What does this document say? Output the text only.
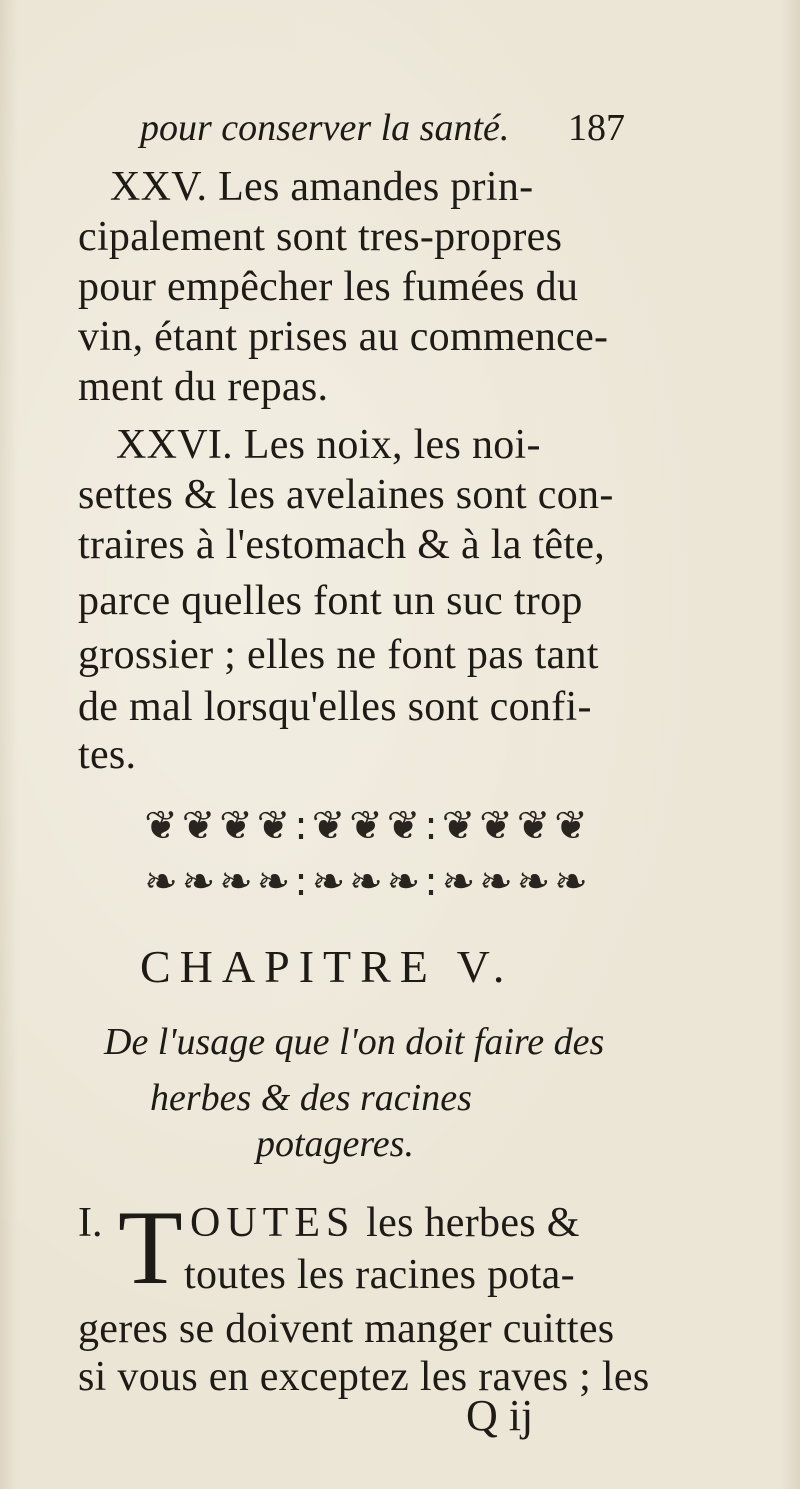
pour conserver la santé.	187
XXV. Les amandes prin-
cipalement sont tres-propres
pour empêcher les fumées du
vin, étant prises au commence-
ment du repas.
XXVI. Les noix, les noi-
settes & les avelaines sont con-
traires à l'estomach & à la tête,
parce quelles font un suc trop
grossier ; elles ne font pas tant
de mal lorsqu'elles sont confi-
tes.
❦❦❦❦:❦❦❦:❦❦❦❦
❧❧❧❧:❧❧❧:❧❧❧❧
CHAPITRE V.
De l'usage que l'on doit faire des
herbes & des racines
potageres.
I. T OUTES les herbes &
toutes les racines pota-
geres se doivent manger cuittes
si vous en exceptez les raves ; les
Q ij
